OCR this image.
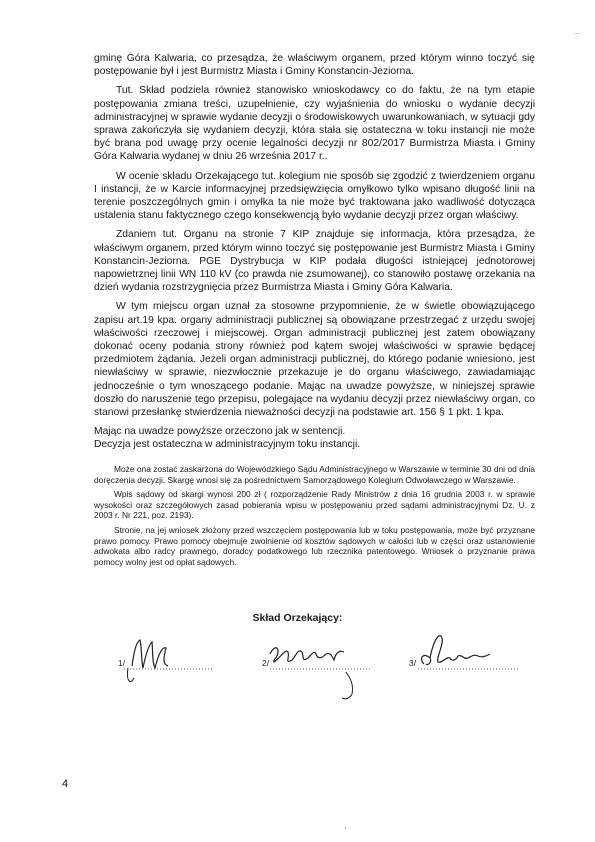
—

gminę Góra Kalwaria, co przesądza, że właściwym organem, przed którym winno toczyć się postępowanie był i jest Burmistrz Miasta i Gminy Konstancin-Jeziorna.

Tut. Skład podziela również stanowisko wnioskodawcy co do faktu, że na tym etapie postępowania zmiana treści, uzupełnienie, czy wyjaśnienia do wniosku o wydanie decyzji administracyjnej w sprawie wydanie decyzji o środowiskowych uwarunkowaniach, w sytuacji gdy sprawa zakończyła się wydaniem decyzji, która stała się ostateczna w toku instancji nie może być brana pod uwagę przy ocenie legalności decyzji nr 802/2017 Burmistrza Miasta i Gminy Góra Kalwaria wydanej w dniu 26 września 2017 r..

W ocenie składu Orzekającego tut. kolegium nie sposób się zgodzić z twierdzeniem organu I instancji, że w Karcie informacyjnej przedsięwzięcia omyłkowo tylko wpisano długość linii na terenie poszczególnych gmin i omyłka ta nie może być traktowana jako wadliwość dotycząca ustalenia stanu faktycznego czego konsekwencją było wydanie decyzji przez organ właściwy.

Zdaniem tut. Organu na stronie 7 KIP znajduje się informacja, która przesądza, że właściwym organem, przed którym winno toczyć się postępowanie jest Burmistrz Miasta i Gminy Konstancin-Jeziorna. PGE Dystrybucja w KIP podała długości istniejącej jednotorowej napowietrznej linii WN 110 kV (co prawda nie zsumowanej), co stanowiło postawę orzekania na dzień wydania rozstrzygnięcia przez Burmistrza Miasta i Gminy Góra Kalwaria.

W tym miejscu organ uznał za stosowne przypomnienie, że w świetle obowiązującego zapisu art.19 kpa. organy administracji publicznej są obowiązane przestrzegać z urzędu swojej właściwości rzeczowej i miejscowej. Organ administracji publicznej jest zatem obowiązany dokonać oceny podania strony również pod kątem swojej właściwości w sprawie będącej przedmiotem żądania. Jeżeli organ administracji publicznej, do którego podanie wniesiono, jest niewłaściwy w sprawie, niezwłocznie przekazuje je do organu właściwego, zawiadamiając jednocześnie o tym wnoszącego podanie. Mając na uwadze powyższe, w niniejszej sprawie doszło do naruszenie tego przepisu, polegające na wydaniu decyzji przez niewłaściwy organ, co stanowi przesłankę stwierdzenia nieważności decyzji na podstawie art. 156 § 1 pkt. 1 kpa.

Mając na uwadze powyższe orzeczono jak w sentencji.

Decyzja jest ostateczna w administracyjnym toku instancji.

Może ona zostać zaskarżona do Wojewódzkiego Sądu Administracyjnego w Warszawie w terminie 30 dni od dnia doręczenia decyzji. Skargę wnosi się za pośrednictwem Samorządowego Kolegium Odwoławczego w Warszawie.

Wpis sądowy od skargi wynosi 200 zł ( rozporządzenie Rady Ministrów z dnia 16 grudnia 2003 r. w sprawie wysokości oraz szczegółowych zasad pobierania wpisu w postępowaniu przed sądami administracyjnymi Dz. U. z 2003 r. Nr 221, poz. 2193).

Stronie, na jej wniosek złożony przed wszczęciem postępowania lub w toku postępowania, może być przyznane prawo pomocy. Prawo pomocy obejmuje zwolnienie od kosztów sądowych w całości lub w części oraz ustanowienie adwokata albo radcy prawnego, doradcy podatkowego lub rzecznika patentowego. Wniosek o przyznanie prawa pomocy wolny jest od opłat sądowych.

Skład Orzekający:
1/	2/	3/
4
'
